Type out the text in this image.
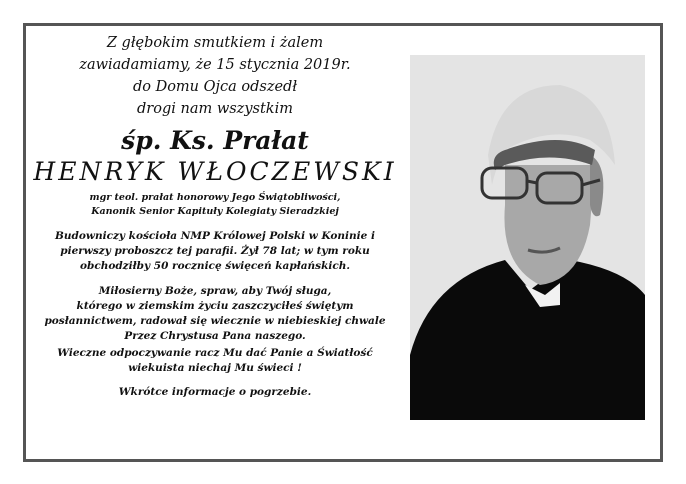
Z głębokim smutkiem i żalem
zawiadamiamy, że 15 stycznia 2019r.
do Domu Ojca odszedł
drogi nam wszystkim
śp. Ks. Prałat
HENRYK WŁOCZEWSKI
mgr teol. prałat honorowy Jego Świątobliwości,
Kanonik Senior Kapituły Kolegiaty Sieradzkiej
Budowniczy kościoła NMP Królowej Polski w Koninie i
pierwszy proboszcz tej parafii. Żył 78 lat; w tym roku
obchodziłby 50 rocznicę święceń kapłańskich.
Miłosierny Boże, spraw, aby Twój sługa,
którego w ziemskim życiu zaszczyciłeś świętym
posłannictwem, radował się wiecznie w niebieskiej chwale
Przez Chrystusa Pana naszego.
Wieczne odpoczywanie racz Mu dać Panie a Światłość
wiekuista niechaj Mu świeci !
Wkrótce informacje o pogrzebie.
